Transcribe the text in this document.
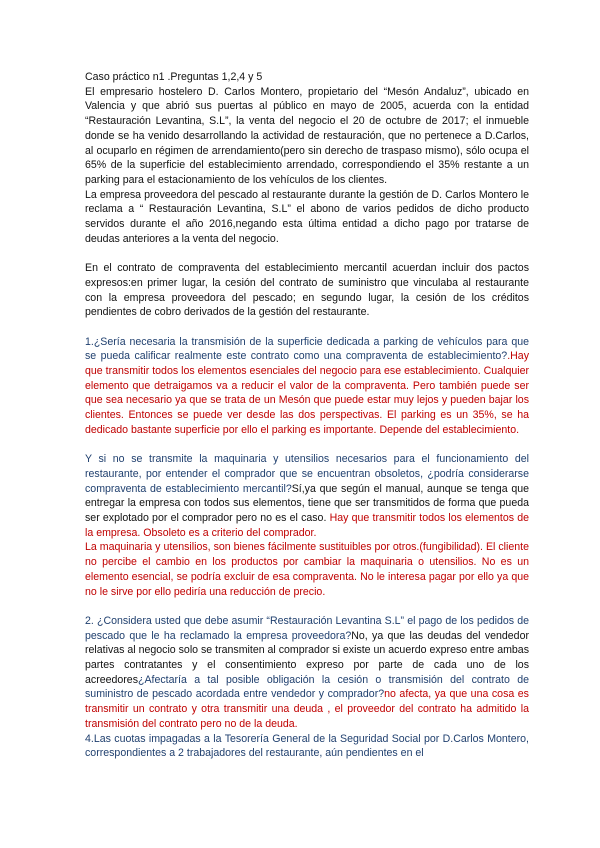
Caso práctico n1 .Preguntas 1,2,4 y 5

El empresario hostelero D. Carlos Montero, propietario del “Mesón Andaluz”, ubicado en Valencia y que abrió sus puertas al público en mayo de 2005, acuerda con la entidad “Restauración Levantina, S.L”, la venta del negocio el 20 de octubre de 2017; el inmueble donde se ha venido desarrollando la actividad de restauración, que no pertenece a D.Carlos, al ocuparlo en régimen de arrendamiento(pero sin derecho de traspaso mismo), sólo ocupa el 65% de la superficie del establecimiento arrendado, correspondiendo el 35% restante a un parking para el estacionamiento de los vehículos de los clientes.

La empresa proveedora del pescado al restaurante durante la gestión de D. Carlos Montero le reclama a “ Restauración Levantina, S.L” el abono de varios pedidos de dicho producto servidos durante el año 2016,negando esta última entidad a dicho pago por tratarse de deudas anteriores a la venta del negocio.

En el contrato de compraventa del establecimiento mercantil acuerdan incluir dos pactos expresos:en primer lugar, la cesión del contrato de suministro que vinculaba al restaurante con la empresa proveedora del pescado; en segundo lugar, la cesión de los créditos pendientes de cobro derivados de la gestión del restaurante.

1.¿Sería necesaria la transmisión de la superficie dedicada a parking de vehículos para que se pueda calificar realmente este contrato como una compraventa de establecimiento?.Hay que transmitir todos los elementos esenciales del negocio para ese establecimiento. Cualquier elemento que detraigamos va a reducir el valor de la compraventa. Pero también puede ser que sea necesario ya que se trata de un Mesón que puede estar muy lejos y pueden bajar los clientes. Entonces se puede ver desde las dos perspectivas. El parking es un 35%, se ha dedicado bastante superficie por ello el parking es importante. Depende del establecimiento.

Y si no se transmite la maquinaria y utensilios necesarios para el funcionamiento del restaurante, por entender el comprador que se encuentran obsoletos, ¿podría considerarse compraventa de establecimiento mercantil?Sí,ya que según el manual, aunque se tenga que entregar la empresa con todos sus elementos, tiene que ser transmitidos de forma que pueda ser explotado por el comprador pero no es el caso. Hay que transmitir todos los elementos de la empresa. Obsoleto es a criterio del comprador.

La maquinaria y utensilios, son bienes fácilmente sustituibles por otros.(fungibilidad). El cliente no percibe el cambio en los productos por cambiar la maquinaria o utensilios. No es un elemento esencial, se podría excluir de esa compraventa. No le interesa pagar por ello ya que no le sirve por ello pediría una reducción de precio.

2. ¿Considera usted que debe asumir “Restauración Levantina S.L” el pago de los pedidos de pescado que le ha reclamado la empresa proveedora?No, ya que las deudas del vendedor relativas al negocio solo se transmiten al comprador si existe un acuerdo expreso entre ambas partes contratantes y el consentimiento expreso por parte de cada uno de los acreedores¿Afectaría a tal posible obligación la cesión o transmisión del contrato de suministro de pescado acordada entre vendedor y comprador?no afecta, ya que una cosa es transmitir un contrato y otra transmitir una deuda , el proveedor del contrato ha admitido la transmisión del contrato pero no de la deuda.

4.Las cuotas impagadas a la Tesorería General de la Seguridad Social por D.Carlos Montero, correspondientes a 2 trabajadores del restaurante, aún pendientes en el
